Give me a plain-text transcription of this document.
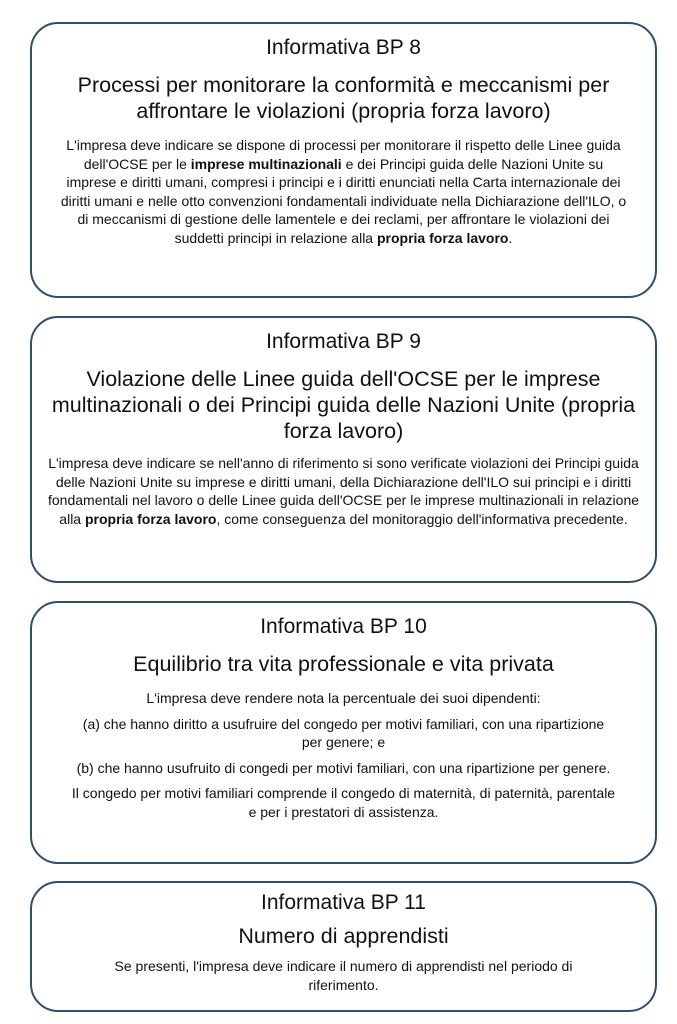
Informativa BP 8

Processi per monitorare la conformità e meccanismi per affrontare le violazioni (propria forza lavoro)

L'impresa deve indicare se dispone di processi per monitorare il rispetto delle Linee guida dell'OCSE per le imprese multinazionali e dei Principi guida delle Nazioni Unite su imprese e diritti umani, compresi i principi e i diritti enunciati nella Carta internazionale dei diritti umani e nelle otto convenzioni fondamentali individuate nella Dichiarazione dell'ILO, o di meccanismi di gestione delle lamentele e dei reclami, per affrontare le violazioni dei suddetti principi in relazione alla propria forza lavoro.

Informativa BP 9

Violazione delle Linee guida dell'OCSE per le imprese multinazionali o dei Principi guida delle Nazioni Unite (propria forza lavoro)

L'impresa deve indicare se nell'anno di riferimento si sono verificate violazioni dei Principi guida delle Nazioni Unite su imprese e diritti umani, della Dichiarazione dell'ILO sui principi e i diritti fondamentali nel lavoro o delle Linee guida dell'OCSE per le imprese multinazionali in relazione alla propria forza lavoro, come conseguenza del monitoraggio dell'informativa precedente.

Informativa BP 10

Equilibrio tra vita professionale e vita privata

L'impresa deve rendere nota la percentuale dei suoi dipendenti:

(a) che hanno diritto a usufruire del congedo per motivi familiari, con una ripartizione per genere; e

(b) che hanno usufruito di congedi per motivi familiari, con una ripartizione per genere.

Il congedo per motivi familiari comprende il congedo di maternità, di paternità, parentale e per i prestatori di assistenza.

Informativa BP 11

Numero di apprendisti

Se presenti, l'impresa deve indicare il numero di apprendisti nel periodo di riferimento.
